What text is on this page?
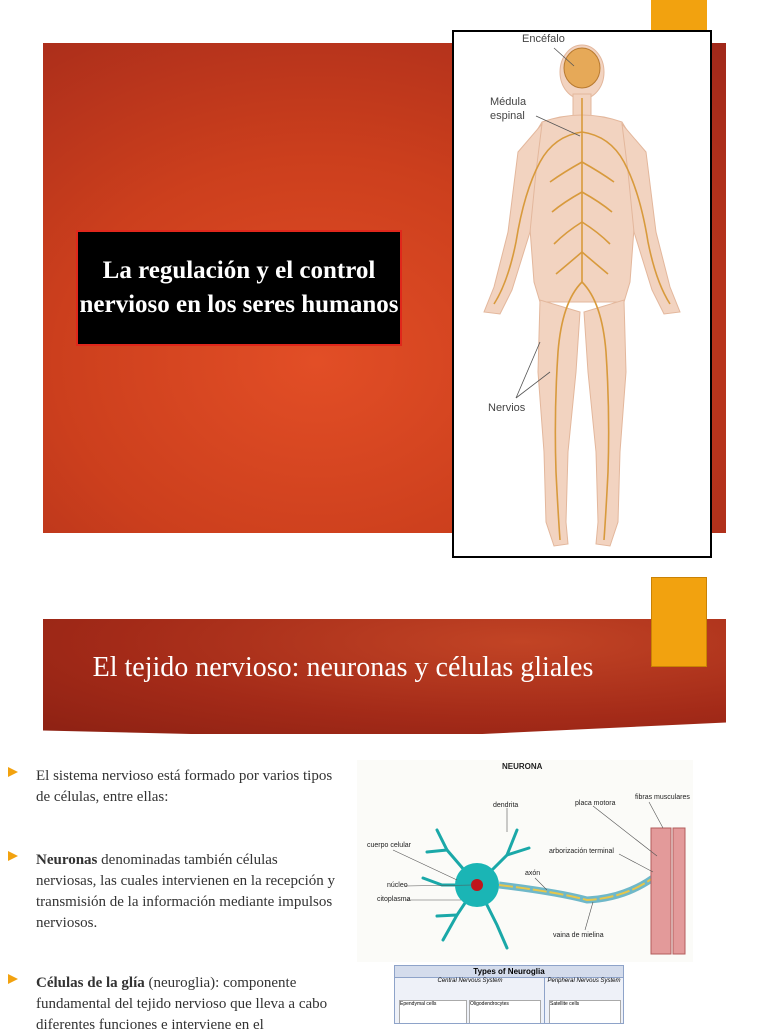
La regulación y el control nervioso en los seres humanos
Encéfalo
Médula
espinal
Nervios
El tejido nervioso: neuronas y células gliales
El sistema nervioso está formado por varios tipos de células, entre ellas:
Neuronas denominadas también células nerviosas, las cuales intervienen en la recepción y transmisión de la información mediante impulsos nerviosos.
Células de la glía (neuroglia): componente fundamental del tejido nervioso que lleva a cabo diferentes funciones e interviene en el
NEURONA
dendrita	placa motora
fibras musculares
cuerpo celular
arborización terminal
axón
núcleo
citoplasma
vaina de mielina
Types of Neuroglia
Central Nervous System	Peripheral Nervous System
Ependymal cells	Oligodendrocytes	Satellite cells
